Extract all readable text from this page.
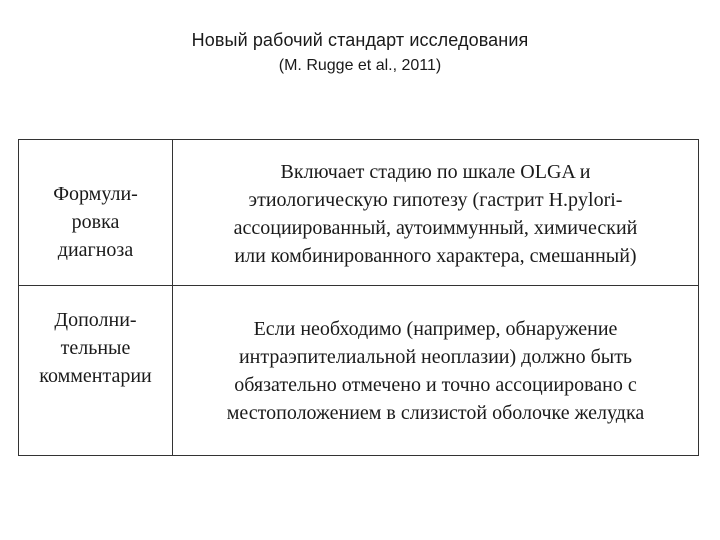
Новый рабочий стандарт исследования
(M. Rugge et al., 2011)
Формули-
ровка
диагноза
Включает стадию по шкале OLGA и
этиологическую гипотезу (гастрит H.pylori-
ассоциированный, аутоиммунный, химический
или комбинированного характера, смешанный)
Дополни-
тельные
комментарии
Если необходимо (например, обнаружение
интраэпителиальной неоплазии) должно быть
обязательно отмечено и точно ассоциировано с
местоположением в слизистой оболочке желудка
